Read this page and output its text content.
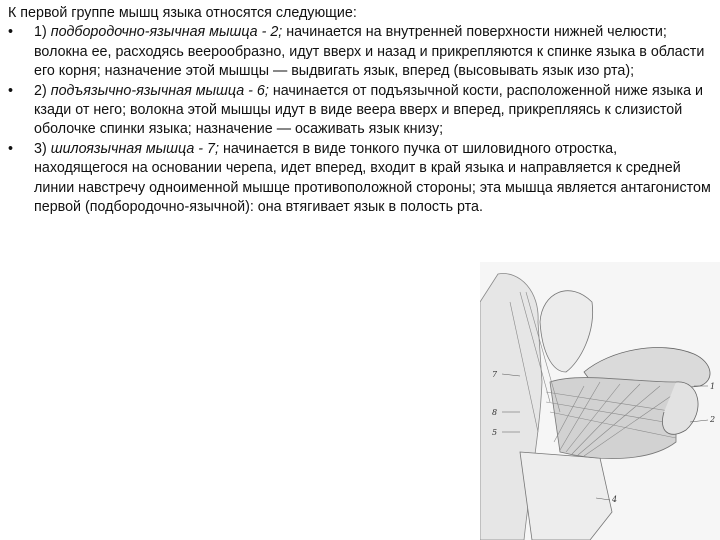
К первой группе мышц языка относятся следующие:

• 1) подбородочно-язычная мышца - 2; начинается на внутренней поверхности нижней челюсти; волокна ее, расходясь веерообразно, идут вверх и назад и прикрепляются к спинке языка в области его корня; назначение этой мышцы — выдвигать язык, вперед (высовывать язык изо рта);
• 2) подъязычно-язычная мышца - 6; начинается от подъязычной кости, расположенной ниже языка и кзади от него; волокна этой мышцы идут в виде веера вверх и вперед, прикрепляясь к слизистой оболочке спинки языка; назначение — осаживать язык книзу;
• 3) шилоязычная мышца - 7; начинается в виде тонкого пучка от шиловидного отростка, находящегося на основании черепа, идет вперед, входит в край языка и направляется к средней линии навстречу одноименной мышце противоположной стороны; эта мышца является антагонистом первой (подбородочно-язычной): она втягивает язык в полость рта.
7
1
8
2
5
4
